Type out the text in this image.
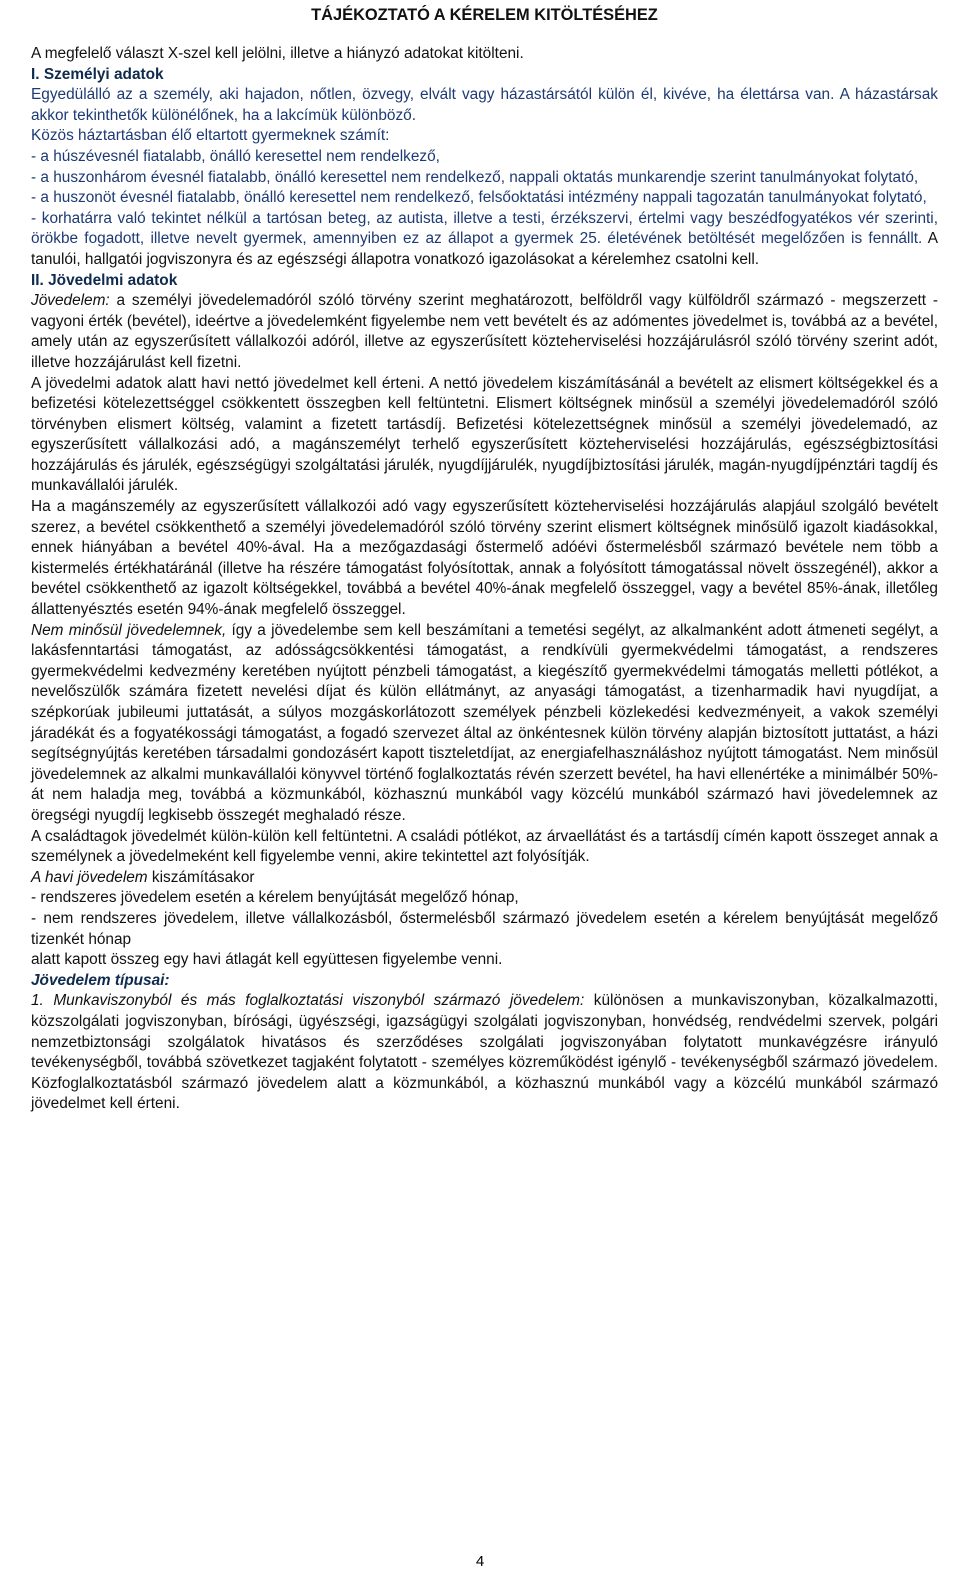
TÁJÉKOZTATÓ A KÉRELEM KITÖLTÉSÉHEZ

A megfelelő választ X-szel kell jelölni, illetve a hiányzó adatokat kitölteni.

I. Személyi adatok

Egyedülálló az a személy, aki hajadon, nőtlen, özvegy, elvált vagy házastársától külön él, kivéve, ha élettársa van. A házastársak akkor tekinthetők különélőnek, ha a lakcímük különböző.

Közös háztartásban élő eltartott gyermeknek számít:

- a húszévesnél fiatalabb, önálló keresettel nem rendelkező,

- a huszonhárom évesnél fiatalabb, önálló keresettel nem rendelkező, nappali oktatás munkarendje szerint tanulmányokat folytató,

- a huszonöt évesnél fiatalabb, önálló keresettel nem rendelkező, felsőoktatási intézmény nappali tagozatán tanulmányokat folytató,

- korhatárra való tekintet nélkül a tartósan beteg, az autista, illetve a testi, érzékszervi, értelmi vagy beszédfogyatékos vér szerinti, örökbe fogadott, illetve nevelt gyermek, amennyiben ez az állapot a gyermek 25. életévének betöltését megelőzően is fennállt. A tanulói, hallgatói jogviszonyra és az egészségi állapotra vonatkozó igazolásokat a kérelemhez csatolni kell.

II. Jövedelmi adatok

Jövedelem: a személyi jövedelemadóról szóló törvény szerint meghatározott, belföldről vagy külföldről származó - megszerzett - vagyoni érték (bevétel), ideértve a jövedelemként figyelembe nem vett bevételt és az adómentes jövedelmet is, továbbá az a bevétel, amely után az egyszerűsített vállalkozói adóról, illetve az egyszerűsített közteherviselési hozzájárulásról szóló törvény szerint adót, illetve hozzájárulást kell fizetni.

A jövedelmi adatok alatt havi nettó jövedelmet kell érteni. A nettó jövedelem kiszámításánál a bevételt az elismert költségekkel és a befizetési kötelezettséggel csökkentett összegben kell feltüntetni. Elismert költségnek minősül a személyi jövedelemadóról szóló törvényben elismert költség, valamint a fizetett tartásdíj. Befizetési kötelezettségnek minősül a személyi jövedelemadó, az egyszerűsített vállalkozási adó, a magánszemélyt terhelő egyszerűsített közteherviselési hozzájárulás, egészségbiztosítási hozzájárulás és járulék, egészségügyi szolgáltatási járulék, nyugdíjjárulék, nyugdíjbiztosítási járulék, magán-nyugdíjpénztári tagdíj és munkavállalói járulék.

Ha a magánszemély az egyszerűsített vállalkozói adó vagy egyszerűsített közteherviselési hozzájárulás alapjául szolgáló bevételt szerez, a bevétel csökkenthető a személyi jövedelemadóról szóló törvény szerint elismert költségnek minősülő igazolt kiadásokkal, ennek hiányában a bevétel 40%-ával. Ha a mezőgazdasági őstermelő adóévi őstermelésből származó bevétele nem több a kistermelés értékhatáránál (illetve ha részére támogatást folyósítottak, annak a folyósított támogatással növelt összegénél), akkor a bevétel csökkenthető az igazolt költségekkel, továbbá a bevétel 40%-ának megfelelő összeggel, vagy a bevétel 85%-ának, illetőleg állattenyésztés esetén 94%-ának megfelelő összeggel.

Nem minősül jövedelemnek, így a jövedelembe sem kell beszámítani a temetési segélyt, az alkalmanként adott átmeneti segélyt, a lakásfenntartási támogatást, az adósságcsökkentési támogatást, a rendkívüli gyermekvédelmi támogatást, a rendszeres gyermekvédelmi kedvezmény keretében nyújtott pénzbeli támogatást, a kiegészítő gyermekvédelmi támogatás melletti pótlékot, a nevelőszülők számára fizetett nevelési díjat és külön ellátmányt, az anyasági támogatást, a tizenharmadik havi nyugdíjat, a szépkorúak jubileumi juttatását, a súlyos mozgáskorlátozott személyek pénzbeli közlekedési kedvezményeit, a vakok személyi járadékát és a fogyatékossági támogatást, a fogadó szervezet által az önkéntesnek külön törvény alapján biztosított juttatást, a házi segítségnyújtás keretében társadalmi gondozásért kapott tiszteletdíjat, az energiafelhasználáshoz nyújtott támogatást. Nem minősül jövedelemnek az alkalmi munkavállalói könyvvel történő foglalkoztatás révén szerzett bevétel, ha havi ellenértéke a minimálbér 50%-át nem haladja meg, továbbá a közmunkából, közhasznú munkából vagy közcélú munkából származó havi jövedelemnek az öregségi nyugdíj legkisebb összegét meghaladó része.

A családtagok jövedelmét külön-külön kell feltüntetni. A családi pótlékot, az árvaellátást és a tartásdíj címén kapott összeget annak a személynek a jövedelmeként kell figyelembe venni, akire tekintettel azt folyósítják.

A havi jövedelem kiszámításakor

- rendszeres jövedelem esetén a kérelem benyújtását megelőző hónap,

- nem rendszeres jövedelem, illetve vállalkozásból, őstermelésből származó jövedelem esetén a kérelem benyújtását megelőző tizenkét hónap

alatt kapott összeg egy havi átlagát kell együttesen figyelembe venni.

Jövedelem típusai:

1. Munkaviszonyból és más foglalkoztatási viszonyból származó jövedelem: különösen a munkaviszonyban, közalkalmazotti, közszolgálati jogviszonyban, bírósági, ügyészségi, igazságügyi szolgálati jogviszonyban, honvédség, rendvédelmi szervek, polgári nemzetbiztonsági szolgálatok hivatásos és szerződéses szolgálati jogviszonyában folytatott munkavégzésre irányuló tevékenységből, továbbá szövetkezet tagjaként folytatott - személyes közreműködést igénylő - tevékenységből származó jövedelem. Közfoglalkoztatásból származó jövedelem alatt a közmunkából, a közhasznú munkából vagy a közcélú munkából származó jövedelmet kell érteni.

4
